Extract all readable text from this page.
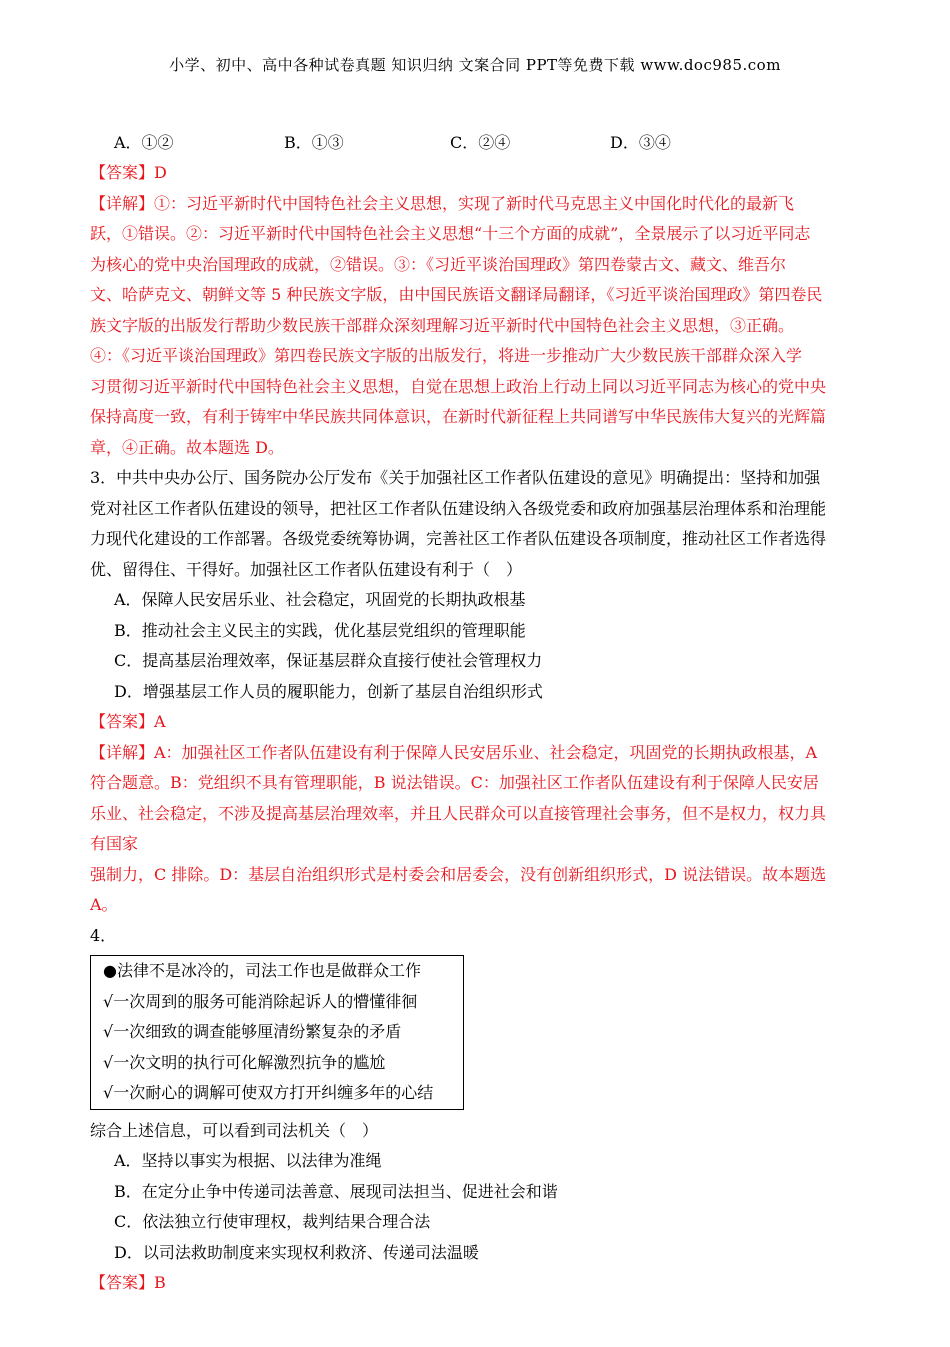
小学、初中、高中各种试卷真题 知识归纳 文案合同 PPT等免费下载 www.doc985.com
A．①②	B．①③	C．②④	D．③④
【答案】D
【详解】①：习近平新时代中国特色社会主义思想，实现了新时代马克思主义中国化时代化的最新飞
跃，①错误。②：习近平新时代中国特色社会主义思想“十三个方面的成就”，全景展示了以习近平同志
为核心的党中央治国理政的成就，②错误。③：《习近平谈治国理政》第四卷蒙古文、藏文、维吾尔
文、哈萨克文、朝鲜文等 5 种民族文字版，由中国民族语文翻译局翻译，《习近平谈治国理政》第四卷民
族文字版的出版发行帮助少数民族干部群众深刻理解习近平新时代中国特色社会主义思想，③正确。
④：《习近平谈治国理政》第四卷民族文字版的出版发行，将进一步推动广大少数民族干部群众深入学
习贯彻习近平新时代中国特色社会主义思想，自觉在思想上政治上行动上同以习近平同志为核心的党中央
保持高度一致，有利于铸牢中华民族共同体意识，在新时代新征程上共同谱写中华民族伟大复兴的光辉篇
章，④正确。故本题选 D。
3．中共中央办公厅、国务院办公厅发布《关于加强社区工作者队伍建设的意见》明确提出：坚持和加强
党对社区工作者队伍建设的领导，把社区工作者队伍建设纳入各级党委和政府加强基层治理体系和治理能
力现代化建设的工作部署。各级党委统筹协调，完善社区工作者队伍建设各项制度，推动社区工作者选得
优、留得住、干得好。加强社区工作者队伍建设有利于（　）
A．保障人民安居乐业、社会稳定，巩固党的长期执政根基
B．推动社会主义民主的实践，优化基层党组织的管理职能
C．提高基层治理效率，保证基层群众直接行使社会管理权力
D．增强基层工作人员的履职能力，创新了基层自治组织形式
【答案】A
【详解】A：加强社区工作者队伍建设有利于保障人民安居乐业、社会稳定，巩固党的长期执政根基，A
符合题意。B：党组织不具有管理职能，B 说法错误。C：加强社区工作者队伍建设有利于保障人民安居
乐业、社会稳定，不涉及提高基层治理效率，并且人民群众可以直接管理社会事务，但不是权力，权力具
有国家
强制力，C 排除。D：基层自治组织形式是村委会和居委会，没有创新组织形式，D 说法错误。故本题选
A。
4．
●法律不是冰冷的，司法工作也是做群众工作
√一次周到的服务可能消除起诉人的懵懂徘徊
√一次细致的调查能够厘清纷繁复杂的矛盾
√一次文明的执行可化解激烈抗争的尴尬
√一次耐心的调解可使双方打开纠缠多年的心结
综合上述信息，可以看到司法机关（　）
A．坚持以事实为根据、以法律为准绳
B．在定分止争中传递司法善意、展现司法担当、促进社会和谐
C．依法独立行使审理权，裁判结果合理合法
D．以司法救助制度来实现权利救济、传递司法温暖
【答案】B
